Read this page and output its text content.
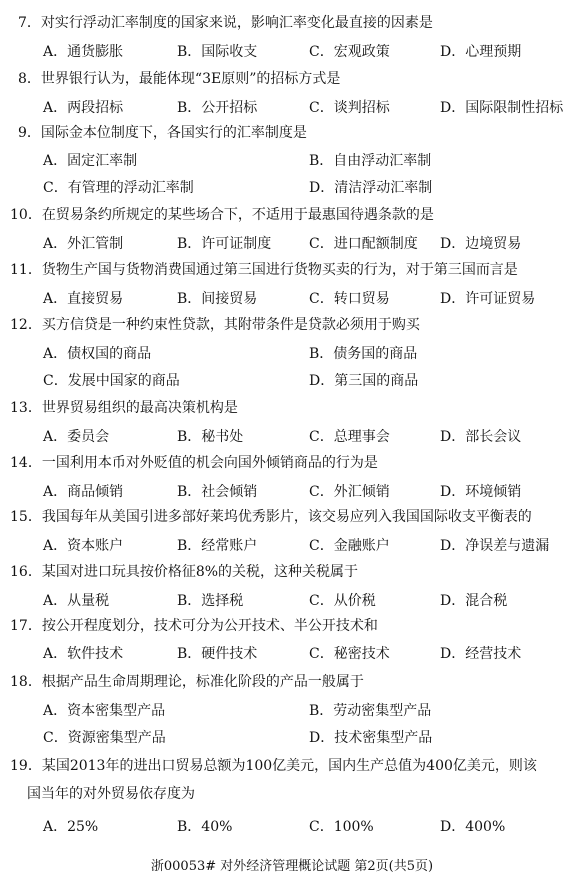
7．对实行浮动汇率制度的国家来说，影响汇率变化最直接的因素是
A．通货膨胀	B．国际收支	C．宏观政策	D．心理预期
8．世界银行认为，最能体现“3E原则”的招标方式是
A．两段招标	B．公开招标	C．谈判招标	D．国际限制性招标
9．国际金本位制度下，各国实行的汇率制度是
A．固定汇率制	B．自由浮动汇率制
C．有管理的浮动汇率制	D．清洁浮动汇率制
10．在贸易条约所规定的某些场合下，不适用于最惠国待遇条款的是
A．外汇管制	B．许可证制度	C．进口配额制度 D．边境贸易
11．货物生产国与货物消费国通过第三国进行货物买卖的行为，对于第三国而言是
A．直接贸易	B．间接贸易	C．转口贸易	D．许可证贸易
12．买方信贷是一种约束性贷款，其附带条件是贷款必须用于购买
A．债权国的商品	B．债务国的商品
C．发展中国家的商品	D．第三国的商品
13．世界贸易组织的最高决策机构是
A．委员会	B．秘书处	C．总理事会	D．部长会议
14．一国利用本币对外贬值的机会向国外倾销商品的行为是
A．商品倾销	B．社会倾销	C．外汇倾销	D．环境倾销
15．我国每年从美国引进多部好莱坞优秀影片，该交易应列入我国国际收支平衡表的
A．资本账户	B．经常账户	C．金融账户	D．净误差与遗漏
16．某国对进口玩具按价格征8%的关税，这种关税属于
A．从量税	B．选择税	C．从价税	D．混合税
17．按公开程度划分，技术可分为公开技术、半公开技术和
A．软件技术	B．硬件技术	C．秘密技术	D．经营技术
18．根据产品生命周期理论，标准化阶段的产品一般属于
A．资本密集型产品	B．劳动密集型产品
C．资源密集型产品	D．技术密集型产品
19．某国2013年的进出口贸易总额为100亿美元，国内生产总值为400亿美元，则该
国当年的对外贸易依存度为
A．25%	B．40%	C．100%	D．400%
浙00053# 对外经济管理概论试题 第2页(共5页)
